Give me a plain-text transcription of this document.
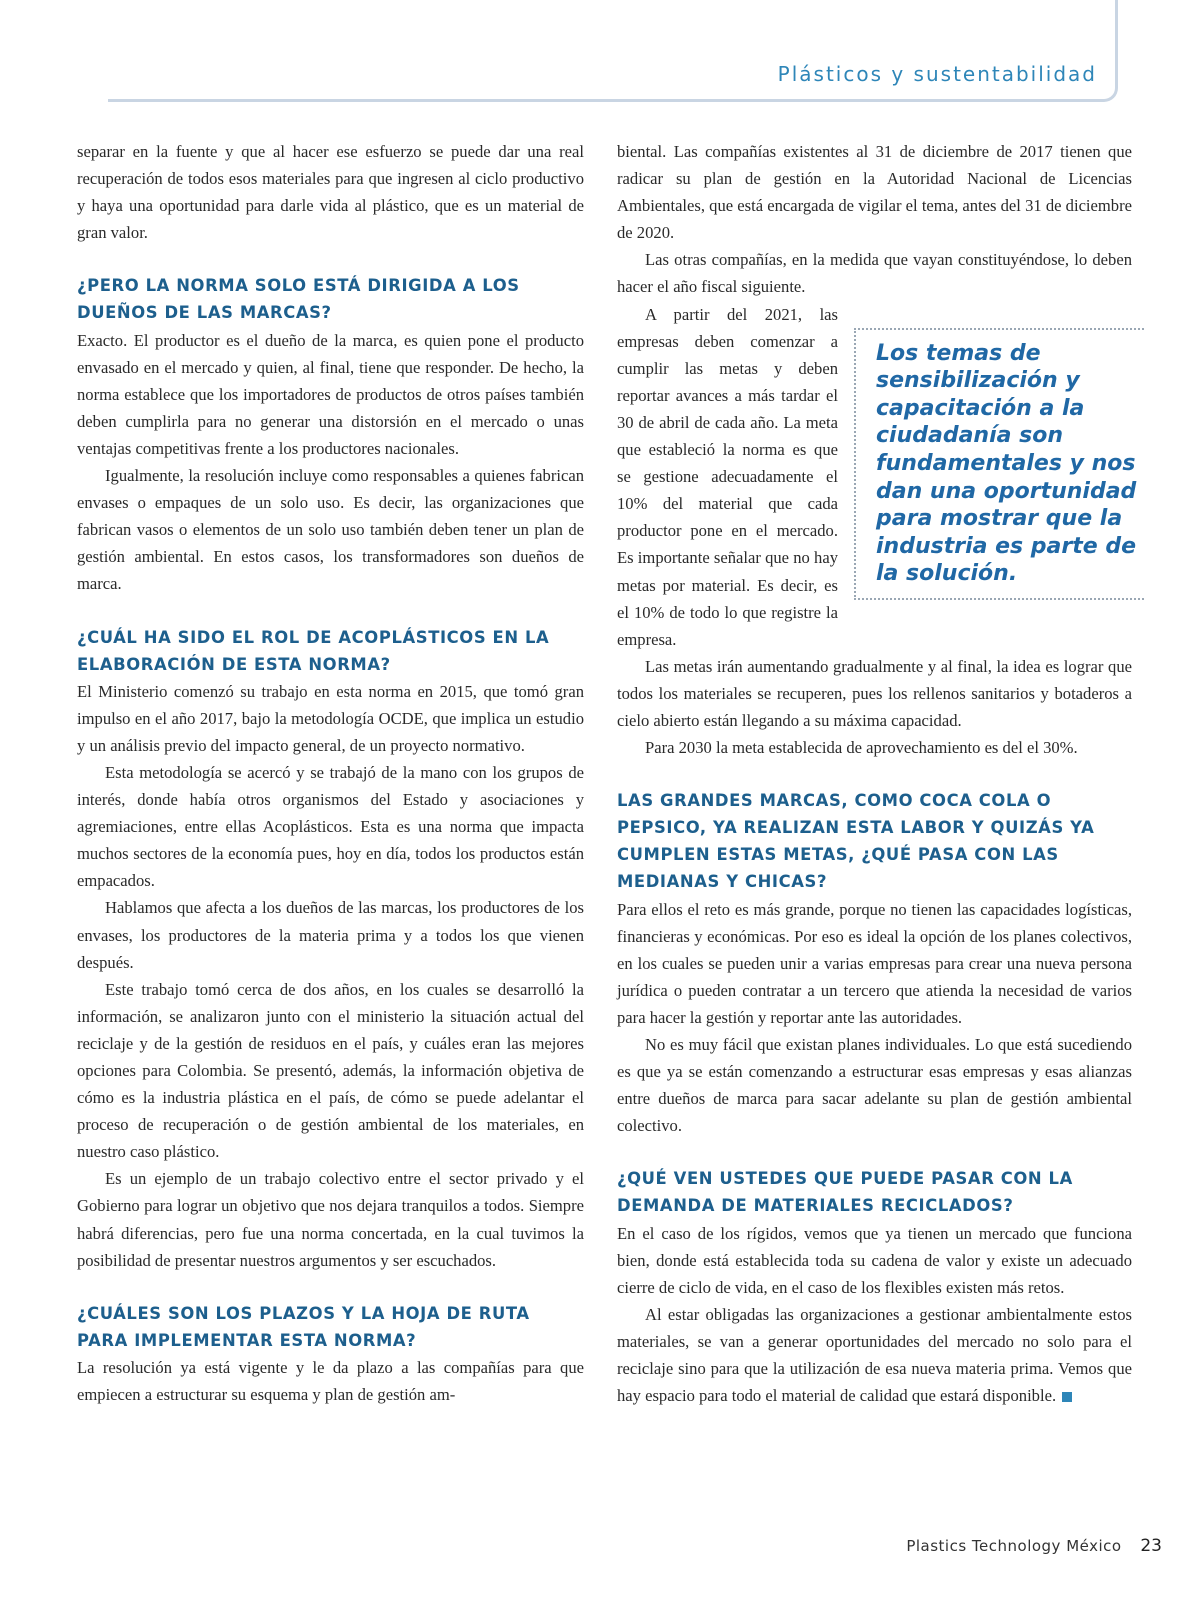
Plásticos y sustentabilidad

separar en la fuente y que al hacer ese esfuerzo se puede dar una real recuperación de todos esos materiales para que ingresen al ciclo productivo y haya una oportunidad para darle vida al plástico, que es un material de gran valor.

¿PERO LA NORMA SOLO ESTÁ DIRIGIDA A LOS DUEÑOS DE LAS MARCAS?

Exacto. El productor es el dueño de la marca, es quien pone el producto envasado en el mercado y quien, al final, tiene que responder. De hecho, la norma establece que los importadores de productos de otros países también deben cumplirla para no generar una distorsión en el mercado o unas ventajas competitivas frente a los productores nacionales.

Igualmente, la resolución incluye como responsables a quienes fabrican envases o empaques de un solo uso. Es decir, las organizaciones que fabrican vasos o elementos de un solo uso también deben tener un plan de gestión ambiental. En estos casos, los transformadores son dueños de marca.

¿CUÁL HA SIDO EL ROL DE ACOPLÁSTICOS EN LA ELABORACIÓN DE ESTA NORMA?

El Ministerio comenzó su trabajo en esta norma en 2015, que tomó gran impulso en el año 2017, bajo la metodología OCDE, que implica un estudio y un análisis previo del impacto general, de un proyecto normativo.

Esta metodología se acercó y se trabajó de la mano con los grupos de interés, donde había otros organismos del Estado y asociaciones y agremiaciones, entre ellas Acoplásticos. Esta es una norma que impacta muchos sectores de la economía pues, hoy en día, todos los productos están empacados.

Hablamos que afecta a los dueños de las marcas, los productores de los envases, los productores de la materia prima y a todos los que vienen después.

Este trabajo tomó cerca de dos años, en los cuales se desarrolló la información, se analizaron junto con el ministerio la situación actual del reciclaje y de la gestión de residuos en el país, y cuáles eran las mejores opciones para Colombia. Se presentó, además, la información objetiva de cómo es la industria plástica en el país, de cómo se puede adelantar el proceso de recuperación o de gestión ambiental de los materiales, en nuestro caso plástico.

Es un ejemplo de un trabajo colectivo entre el sector privado y el Gobierno para lograr un objetivo que nos dejara tranquilos a todos. Siempre habrá diferencias, pero fue una norma concertada, en la cual tuvimos la posibilidad de presentar nuestros argumentos y ser escuchados.

¿CUÁLES SON LOS PLAZOS Y LA HOJA DE RUTA PARA IMPLEMENTAR ESTA NORMA?

La resolución ya está vigente y le da plazo a las compañías para que empiecen a estructurar su esquema y plan de gestión am-

biental. Las compañías existentes al 31 de diciembre de 2017 tienen que radicar su plan de gestión en la Autoridad Nacional de Licencias Ambientales, que está encargada de vigilar el tema, antes del 31 de diciembre de 2020.

Las otras compañías, en la medida que vayan constituyéndose, lo deben hacer el año fiscal siguiente.

Los temas de sensibilización y capacitación a la ciudadanía son fundamentales y nos dan una oportunidad para mostrar que la industria es parte de la solución.

A partir del 2021, las empresas deben comenzar a cumplir las metas y deben reportar avances a más tardar el 30 de abril de cada año. La meta que estableció la norma es que se gestione adecuadamente el 10% del material que cada productor pone en el mercado. Es importante señalar que no hay metas por material. Es decir, es el 10% de todo lo que registre la empresa.

Las metas irán aumentando gradualmente y al final, la idea es lograr que todos los materiales se recuperen, pues los rellenos sanitarios y botaderos a cielo abierto están llegando a su máxima capacidad.

Para 2030 la meta establecida de aprovechamiento es del el 30%.

LAS GRANDES MARCAS, COMO COCA COLA O PEPSICO, YA REALIZAN ESTA LABOR Y QUIZÁS YA CUMPLEN ESTAS METAS, ¿QUÉ PASA CON LAS MEDIANAS Y CHICAS?

Para ellos el reto es más grande, porque no tienen las capacidades logísticas, financieras y económicas. Por eso es ideal la opción de los planes colectivos, en los cuales se pueden unir a varias empresas para crear una nueva persona jurídica o pueden contratar a un tercero que atienda la necesidad de varios para hacer la gestión y reportar ante las autoridades.

No es muy fácil que existan planes individuales. Lo que está sucediendo es que ya se están comenzando a estructurar esas empresas y esas alianzas entre dueños de marca para sacar adelante su plan de gestión ambiental colectivo.

¿QUÉ VEN USTEDES QUE PUEDE PASAR CON LA DEMANDA DE MATERIALES RECICLADOS?

En el caso de los rígidos, vemos que ya tienen un mercado que funciona bien, donde está establecida toda su cadena de valor y existe un adecuado cierre de ciclo de vida, en el caso de los flexibles existen más retos.

Al estar obligadas las organizaciones a gestionar ambientalmente estos materiales, se van a generar oportunidades del mercado no solo para el reciclaje sino para que la utilización de esa nueva materia prima. Vemos que hay espacio para todo el material de calidad que estará disponible.

Plastics Technology México 23
